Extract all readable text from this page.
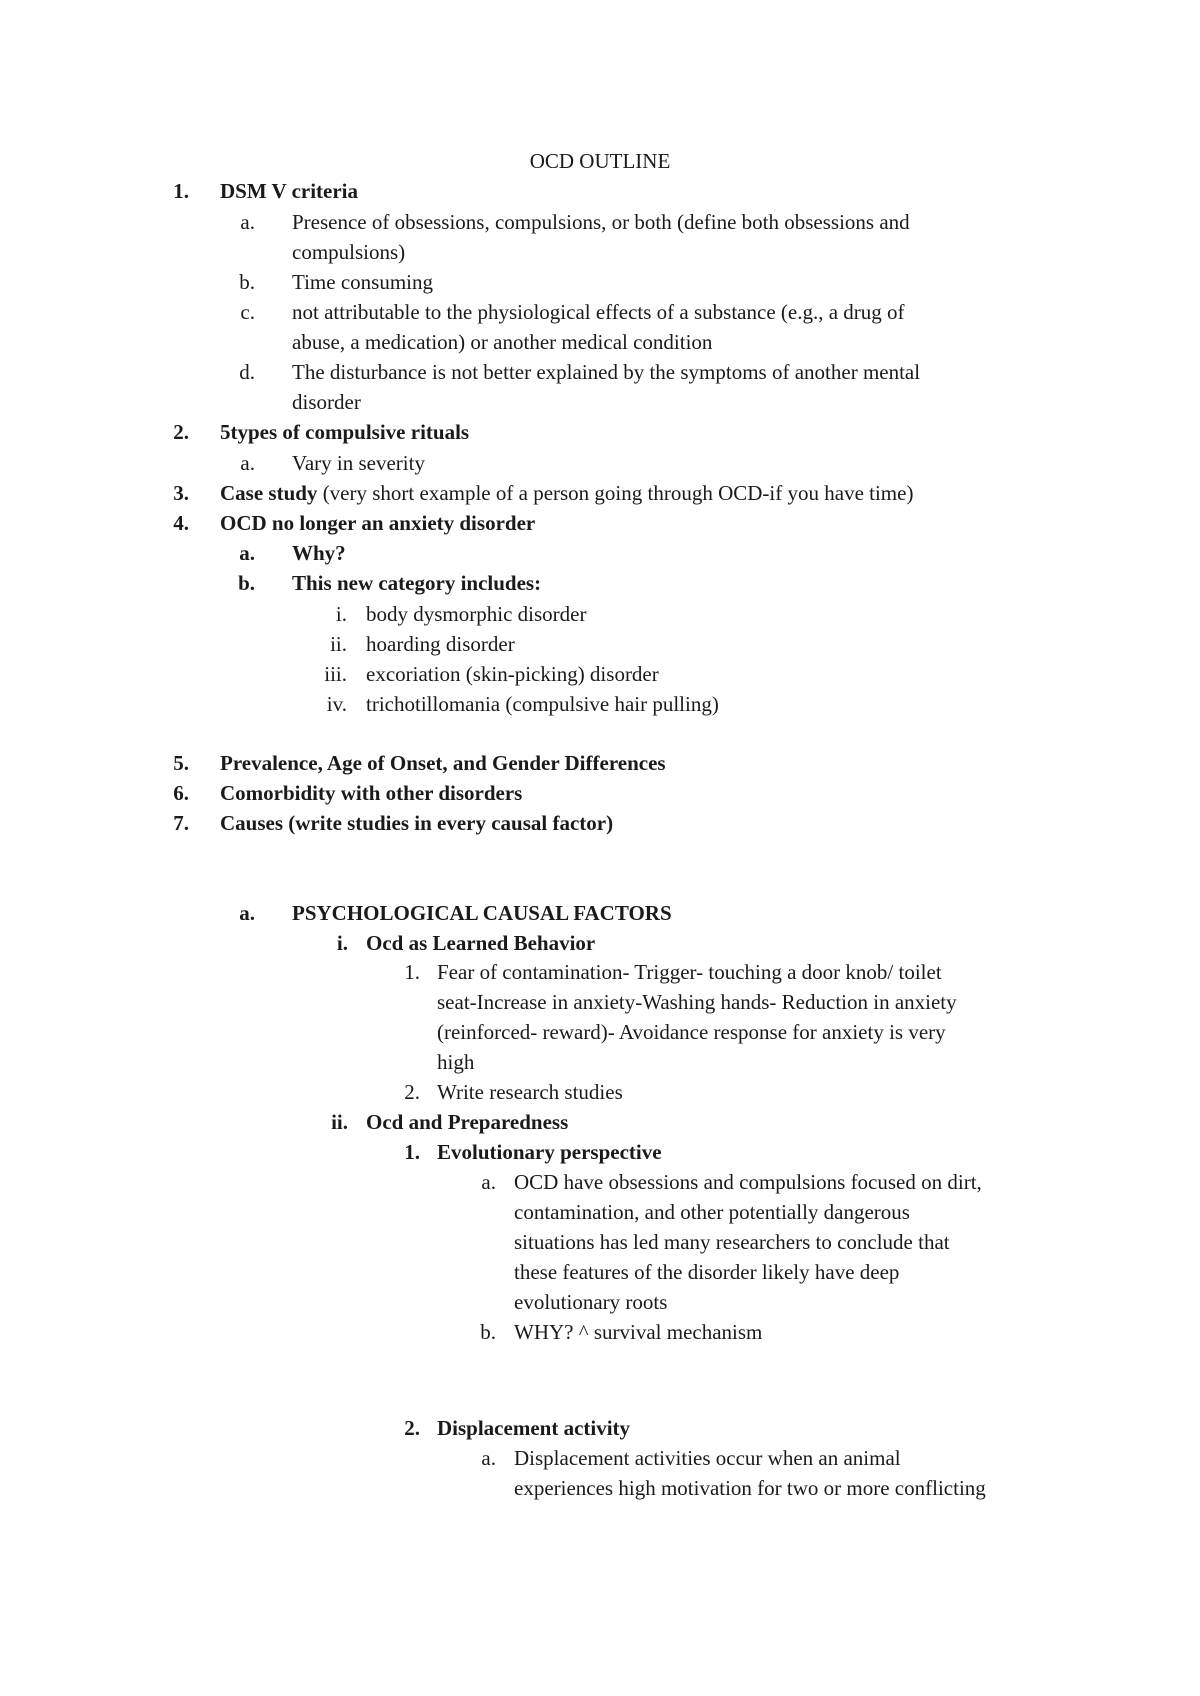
OCD OUTLINE
1. DSM V criteria
a. Presence of obsessions, compulsions, or both (define both obsessions and
compulsions)
b. Time consuming
c. not attributable to the physiological effects of a substance (e.g., a drug of
abuse, a medication) or another medical condition
d. The disturbance is not better explained by the symptoms of another mental
disorder
2. 5types of compulsive rituals
a. Vary in severity
3. Case study (very short example of a person going through OCD-if you have time)
4. OCD no longer an anxiety disorder
a. Why?
b. This new category includes:
i. body dysmorphic disorder
ii. hoarding disorder
iii. excoriation (skin-picking) disorder
iv. trichotillomania (compulsive hair pulling)
5. Prevalence, Age of Onset, and Gender Differences
6. Comorbidity with other disorders
7. Causes (write studies in every causal factor)
a. PSYCHOLOGICAL CAUSAL FACTORS
i. Ocd as Learned Behavior
1. Fear of contamination- Trigger- touching a door knob/ toilet
seat-Increase in anxiety-Washing hands- Reduction in anxiety
(reinforced- reward)- Avoidance response for anxiety is very
high
2. Write research studies
ii. Ocd and Preparedness
1. Evolutionary perspective
a. OCD have obsessions and compulsions focused on dirt,
contamination, and other potentially dangerous
situations has led many researchers to conclude that
these features of the disorder likely have deep
evolutionary roots
b. WHY? ^ survival mechanism
2. Displacement activity
a. Displacement activities occur when an animal
experiences high motivation for two or more conflicting
